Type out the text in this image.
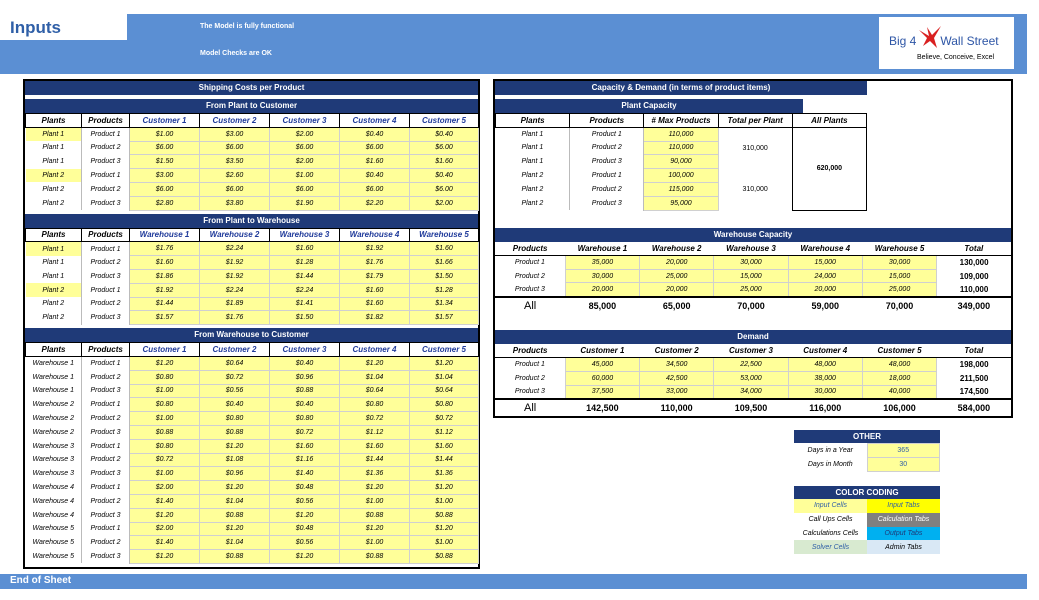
Inputs	The Model is fully functional
Model Checks are OK
Big 4 Wall Street
Believe, Conceive, Excel
Shipping Costs per Product
From Plant to Customer
Plants	Products	Customer 1	Customer 2	Customer 3	Customer 4	Customer 5
Plant 1	Product 1	$1.00	$3.00	$2.00	$0.40	$0.40
Plant 1	Product 2	$6.00	$6.00	$6.00	$6.00	$6.00
Plant 1	Product 3	$1.50	$3.50	$2.00	$1.60	$1.60
Plant 2	Product 1	$3.00	$2.60	$1.00	$0.40	$0.40
Plant 2	Product 2	$6.00	$6.00	$6.00	$6.00	$6.00
Plant 2	Product 3	$2.80	$3.80	$1.90	$2.20	$2.00
From Plant to Warehouse
Plants	Products	Warehouse 1	Warehouse 2	Warehouse 3	Warehouse 4	Warehouse 5
Plant 1	Product 1	$1.76	$2.24	$1.60	$1.92	$1.60
Plant 1	Product 2	$1.60	$1.92	$1.28	$1.76	$1.66
Plant 1	Product 3	$1.86	$1.92	$1.44	$1.79	$1.50
Plant 2	Product 1	$1.92	$2.24	$2.24	$1.60	$1.28
Plant 2	Product 2	$1.44	$1.89	$1.41	$1.60	$1.34
Plant 2	Product 3	$1.57	$1.76	$1.50	$1.82	$1.57
From Warehouse to Customer
Plants	Products	Customer 1	Customer 2	Customer 3	Customer 4	Customer 5
Warehouse 1	Product 1	$1.20	$0.64	$0.40	$1.20	$1.20
Warehouse 1	Product 2	$0.80	$0.72	$0.96	$1.04	$1.04
Warehouse 1	Product 3	$1.00	$0.56	$0.88	$0.64	$0.64
Warehouse 2	Product 1	$0.80	$0.40	$0.40	$0.80	$0.80
Warehouse 2	Product 2	$1.00	$0.80	$0.80	$0.72	$0.72
Warehouse 2	Product 3	$0.88	$0.88	$0.72	$1.12	$1.12
Warehouse 3	Product 1	$0.80	$1.20	$1.60	$1.60	$1.60
Warehouse 3	Product 2	$0.72	$1.08	$1.16	$1.44	$1.44
Warehouse 3	Product 3	$1.00	$0.96	$1.40	$1.36	$1.36
Warehouse 4	Product 1	$2.00	$1.20	$0.48	$1.20	$1.20
Warehouse 4	Product 2	$1.40	$1.04	$0.56	$1.00	$1.00
Warehouse 4	Product 3	$1.20	$0.88	$1.20	$0.88	$0.88
Warehouse 5	Product 1	$2.00	$1.20	$0.48	$1.20	$1.20
Warehouse 5	Product 2	$1.40	$1.04	$0.56	$1.00	$1.00
Warehouse 5	Product 3	$1.20	$0.88	$1.20	$0.88	$0.88
Capacity & Demand (in terms of product items)
Plant Capacity
Plants	Products	# Max Products	Total per Plant	All Plants
Plant 1	Product 1	110,000	310,000	620,000
Plant 1	Product 2	110,000		
Plant 1	Product 3	90,000		
Plant 2	Product 1	100,000	310,000	
Plant 2	Product 2	115,000		
Plant 2	Product 3	95,000		
Warehouse Capacity
Products	Warehouse 1	Warehouse 2	Warehouse 3	Warehouse 4	Warehouse 5	Total
Product 1	35,000	20,000	30,000	15,000	30,000	130,000
Product 2	30,000	25,000	15,000	24,000	15,000	109,000
Product 3	20,000	20,000	25,000	20,000	25,000	110,000
All	85,000	65,000	70,000	59,000	70,000	349,000
Demand
Products	Customer 1	Customer 2	Customer 3	Customer 4	Customer 5	Total
Product 1	45,000	34,500	22,500	48,000	48,000	198,000
Product 2	60,000	42,500	53,000	38,000	18,000	211,500
Product 3	37,500	33,000	34,000	30,000	40,000	174,500
All	142,500	110,000	109,500	116,000	106,000	584,000
OTHER
Days in a Year	365
Days in Month	30
COLOR CODING
Input Cells	Input Tabs
Call Ups Cells	Calculation Tabs
Calculations Cells	Output Tabs
Solver Cells	Admin Tabs
End of Sheet
